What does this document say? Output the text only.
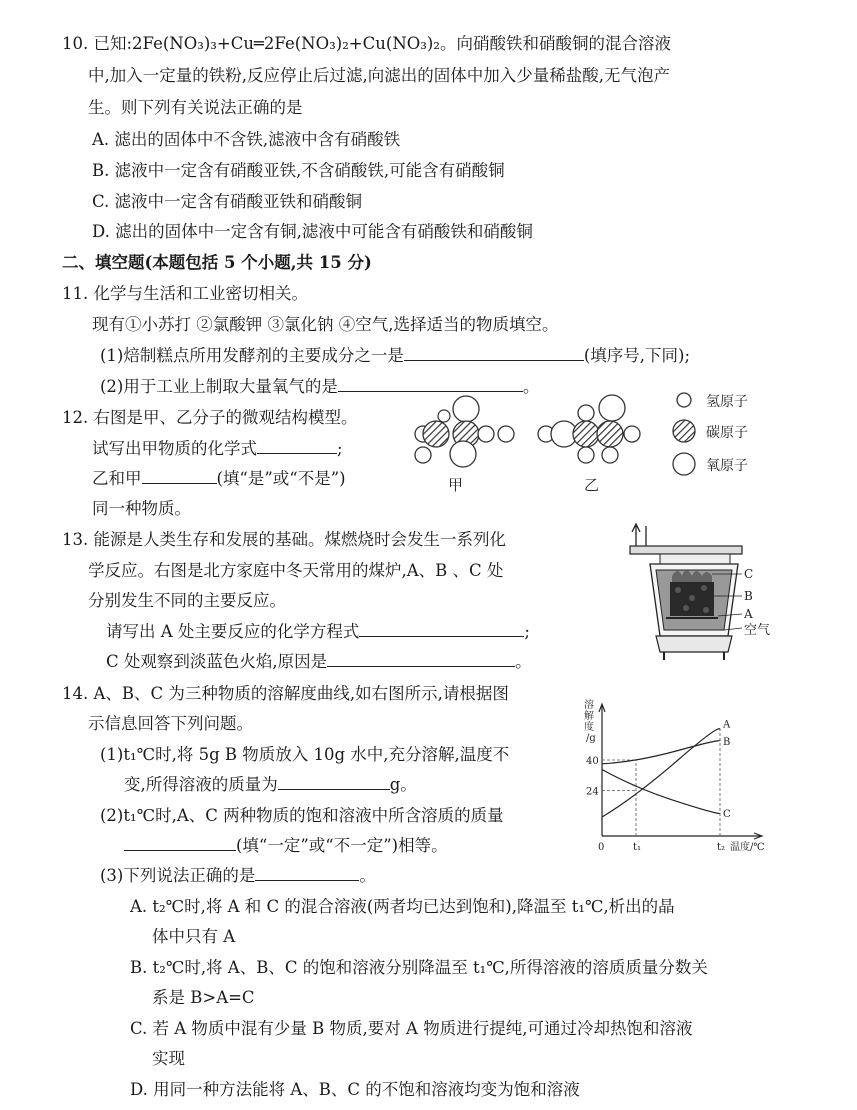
10. 已知:2Fe(NO₃)₃+Cu═2Fe(NO₃)₂+Cu(NO₃)₂。向硝酸铁和硝酸铜的混合溶液
中,加入一定量的铁粉,反应停止后过滤,向滤出的固体中加入少量稀盐酸,无气泡产
生。则下列有关说法正确的是
A. 滤出的固体中不含铁,滤液中含有硝酸铁
B. 滤液中一定含有硝酸亚铁,不含硝酸铁,可能含有硝酸铜
C. 滤液中一定含有硝酸亚铁和硝酸铜
D. 滤出的固体中一定含有铜,滤液中可能含有硝酸铁和硝酸铜
二、填空题(本题包括 5 个小题,共 15 分)
11. 化学与生活和工业密切相关。
现有①小苏打 ②氯酸钾 ③氯化钠 ④空气,选择适当的物质填空。
(1)焙制糕点所用发酵剂的主要成分之一是	(填序号,下同);
(2)用于工业上制取大量氧气的是	。
12. 右图是甲、乙分子的微观结构模型。
试写出甲物质的化学式	;
乙和甲	(填“是”或“不是”)
同一种物质。
甲	乙
氢原子
碳原子
氧原子
13. 能源是人类生存和发展的基础。煤燃烧时会发生一系列化
学反应。右图是北方家庭中冬天常用的煤炉,A、B 、C 处
分别发生不同的主要反应。
请写出 A 处主要反应的化学方程式	;
C 处观察到淡蓝色火焰,原因是	。
C
B
A
空气
14. A、B、C 为三种物质的溶解度曲线,如右图所示,请根据图
示信息回答下列问题。
(1)t₁℃时,将 5g B 物质放入 10g 水中,充分溶解,温度不
变,所得溶液的质量为	g。
(2)t₁℃时,A、C 两种物质的饱和溶液中所含溶质的质量
(填“一定”或“不一定”)相等。
(3)下列说法正确的是	。
A. t₂℃时,将 A 和 C 的混合溶液(两者均已达到饱和),降温至 t₁℃,析出的晶
体中只有 A
B. t₂℃时,将 A、B、C 的饱和溶液分别降温至 t₁℃,所得溶液的溶质质量分数关
系是 B>A=C
C. 若 A 物质中混有少量 B 物质,要对 A 物质进行提纯,可通过冷却热饱和溶液
实现
D. 用同一种方法能将 A、B、C 的不饱和溶液均变为饱和溶液
溶 解 度 /g
0	t₁	t₂ 温度/℃
24
40
A
B
C
